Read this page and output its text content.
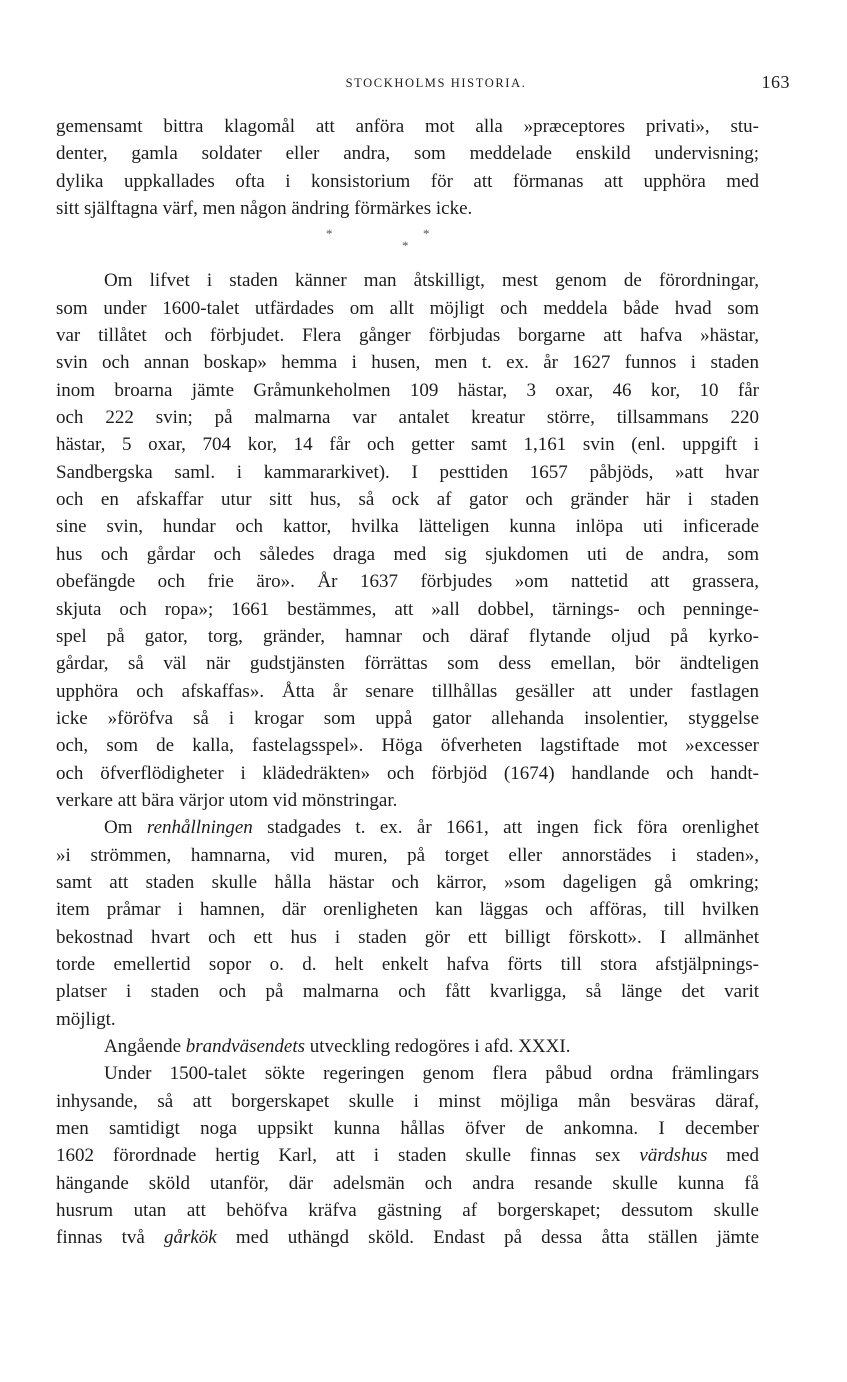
STOCKHOLMS HISTORIA.	163
gemensamt bittra klagomål att anföra mot alla »præceptores privati», stu-
denter, gamla soldater eller andra, som meddelade enskild undervisning;
dylika uppkallades ofta i konsistorium för att förmanas att upphöra med
sitt själftagna värf, men någon ändring förmärkes icke.
*	*
*
Om lifvet i staden känner man åtskilligt, mest genom de förordningar,
som under 1600-talet utfärdades om allt möjligt och meddela både hvad som
var tillåtet och förbjudet. Flera gånger förbjudas borgarne att hafva »hästar,
svin och annan boskap» hemma i husen, men t. ex. år 1627 funnos i staden
inom broarna jämte Gråmunkeholmen 109 hästar, 3 oxar, 46 kor, 10 får
och 222 svin; på malmarna var antalet kreatur större, tillsammans 220
hästar, 5 oxar, 704 kor, 14 får och getter samt 1,161 svin (enl. uppgift i
Sandbergska saml. i kammararkivet). I pesttiden 1657 påbjöds, »att hvar
och en afskaffar utur sitt hus, så ock af gator och gränder här i staden
sine svin, hundar och kattor, hvilka lätteligen kunna inlöpa uti inficerade
hus och gårdar och således draga med sig sjukdomen uti de andra, som
obefängde och frie äro». År 1637 förbjudes »om nattetid att grassera,
skjuta och ropa»; 1661 bestämmes, att »all dobbel, tärnings- och penninge-
spel på gator, torg, gränder, hamnar och däraf flytande oljud på kyrko-
gårdar, så väl när gudstjänsten förrättas som dess emellan, bör ändteligen
upphöra och afskaffas». Åtta år senare tillhållas gesäller att under fastlagen
icke »föröfva så i krogar som uppå gator allehanda insolentier, styggelse
och, som de kalla, fastelagsspel». Höga öfverheten lagstiftade mot »excesser
och öfverflödigheter i klädedräkten» och förbjöd (1674) handlande och handt-
verkare att bära värjor utom vid mönstringar.
Om renhållningen stadgades t. ex. år 1661, att ingen fick föra orenlighet
»i strömmen, hamnarna, vid muren, på torget eller annorstädes i staden»,
samt att staden skulle hålla hästar och kärror, »som dageligen gå omkring;
item pråmar i hamnen, där orenligheten kan läggas och afföras, till hvilken
bekostnad hvart och ett hus i staden gör ett billigt förskott». I allmänhet
torde emellertid sopor o. d. helt enkelt hafva förts till stora afstjälpnings-
platser i staden och på malmarna och fått kvarligga, så länge det varit
möjligt.
Angående brandväsendets utveckling redogöres i afd. XXXI.
Under 1500-talet sökte regeringen genom flera påbud ordna främlingars
inhysande, så att borgerskapet skulle i minst möjliga mån besväras däraf,
men samtidigt noga uppsikt kunna hållas öfver de ankomna. I december
1602 förordnade hertig Karl, att i staden skulle finnas sex värdshus med
hängande sköld utanför, där adelsmän och andra resande skulle kunna få
husrum utan att behöfva kräfva gästning af borgerskapet; dessutom skulle
finnas två gårkök med uthängd sköld. Endast på dessa åtta ställen jämte
